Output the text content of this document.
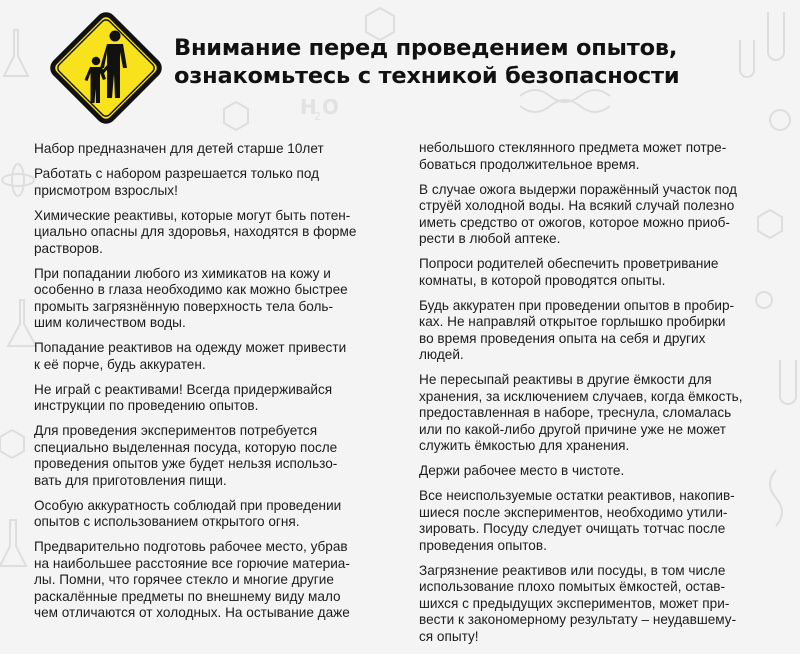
H
2 O
Внимание перед проведением опытов,
ознакомьтесь с техникой безопасности
Набор предназначен для детей старше 10лет
Работать с набором разрешается только под
присмотром взрослых!
Химические реактивы, которые могут быть потен-
циально опасны для здоровья, находятся в форме
растворов.
При попадании любого из химикатов на кожу и
особенно в глаза необходимо как можно быстрее
промыть загрязнённую поверхность тела боль-
шим количеством воды.
Попадание реактивов на одежду может привести
к её порче, будь аккуратен.
Не играй с реактивами! Всегда придерживайся
инструкции по проведению опытов.
Для проведения экспериментов потребуется
специально выделенная посуда, которую после
проведения опытов уже будет нельзя использо-
вать для приготовления пищи.
Особую аккуратность соблюдай при проведении
опытов с использованием открытого огня.
Предварительно подготовь рабочее место, убрав
на наибольшее расстояние все горючие материа-
лы. Помни, что горячее стекло и многие другие
раскалённые предметы по внешнему виду мало
чем отличаются от холодных. На остывание даже
небольшого стеклянного предмета может потре-
боваться продолжительное время.
В случае ожога выдержи поражённый участок под
струёй холодной воды. На всякий случай полезно
иметь средство от ожогов, которое можно приоб-
рести в любой аптеке.
Попроси родителей обеспечить проветривание
комнаты, в которой проводятся опыты.
Будь аккуратен при проведении опытов в пробир-
ках. Не направляй открытое горлышко пробирки
во время проведения опыта на себя и других
людей.
Не пересыпай реактивы в другие ёмкости для
хранения, за исключением случаев, когда ёмкость,
предоставленная в наборе, треснула, сломалась
или по какой-либо другой причине уже не может
служить ёмкостью для хранения.
Держи рабочее место в чистоте.
Все неиспользуемые остатки реактивов, накопив-
шиеся после экспериментов, необходимо утили-
зировать. Посуду следует очищать тотчас после
проведения опытов.
Загрязнение реактивов или посуды, в том числе
использование плохо помытых ёмкостей, остав-
шихся с предыдущих экспериментов, может при-
вести к закономерному результату – неудавшему-
ся опыту!
